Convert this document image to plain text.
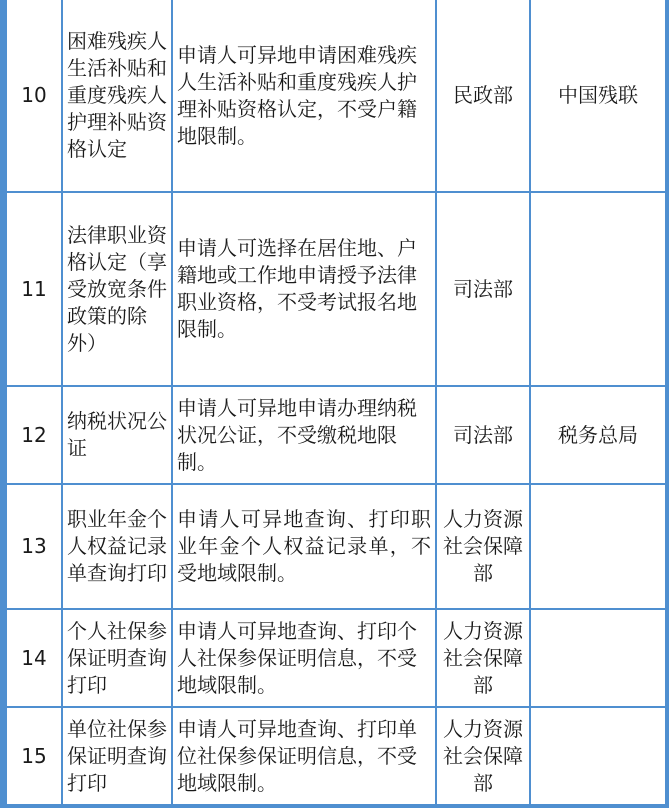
10	困难残疾人生活补贴和重度残疾人护理补贴资格认定	申请人可异地申请困难残疾人生活补贴和重度残疾人护理补贴资格认定，不受户籍地限制。	民政部	中国残联
11	法律职业资格认定（享受放宽条件政策的除外）	申请人可选择在居住地、户籍地或工作地申请授予法律职业资格，不受考试报名地限制。	司法部	
12	纳税状况公证	申请人可异地申请办理纳税状况公证，不受缴税地限制。	司法部	税务总局
13	职业年金个人权益记录单查询打印	申请人可异地查询、打印职业年金个人权益记录单，不受地域限制。	人力资源社会保障部	
14	个人社保参保证明查询打印	申请人可异地查询、打印个人社保参保证明信息，不受地域限制。	人力资源社会保障部	
15	单位社保参保证明查询打印	申请人可异地查询、打印单位社保参保证明信息，不受地域限制。	人力资源社会保障部	
